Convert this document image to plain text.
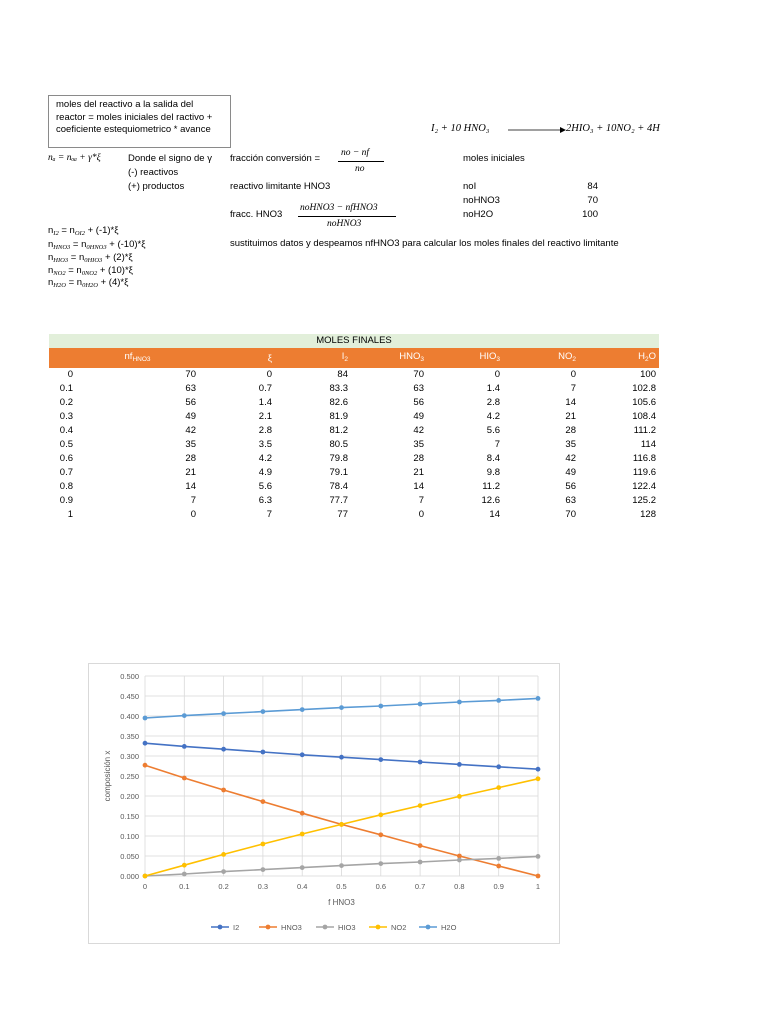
moles del reactivo a la salida del
reactor = moles iniciales del ractivo +
coeficiente estequiometrico * avance	I₂ + 10 HNO₃	2HIO₃ + 10NO₂ + 4H
nₐ = nₒₐ + γ*ξ	Donde el signo de γ
(-) reactivos
(+) productos
fracción conversión = no − nf
no
reactivo limitante HNO3
fracc. HNO3
noHNO3 − nfHNO3
noHNO3
sustituimos datos y despeamos nfHNO3 para calcular los moles finales del reactivo limitante
moles iniciales
noI	84
noHNO3	70
noH2O	100
$n_{I2} = n_{OI2} + (-1)*\xi$
$n_{HNO3} = n_{0HNO3} + (-10)*\xi$
$n_{HIO3} = n_{0HIO3} + (2)*\xi$
$n_{NO2} = n_{0NO2} + (10)*\xi$
$n_{H2O} = n_{0H2O} + (4)*\xi$
MOLES FINALES							
	$nf_{HNO3}$	ξ	$I_2$	$HNO_3$	$HIO_3$	$NO_2$	$H_2O$
0	70	0	84	70	0	0	100
0.1	63	0.7	83.3	63	1.4	7	102.8
0.2	56	1.4	82.6	56	2.8	14	105.6
0.3	49	2.1	81.9	49	4.2	21	108.4
0.4	42	2.8	81.2	42	5.6	28	111.2
0.5	35	3.5	80.5	35	7	35	114
0.6	28	4.2	79.8	28	8.4	42	116.8
0.7	21	4.9	79.1	21	9.8	49	119.6
0.8	14	5.6	78.4	14	11.2	56	122.4
0.9	7	6.3	77.7	7	12.6	63	125.2
1	0	7	77	0	14	70	128
0.000
0.050
0.100
0.150
0.200
0.250
0.300
0.350
0.400
0.450
0.500
0	0.1	0.2	0.3	0.4	0.5	0.6	0.7	0.8	0.9	1
f HNO3
composición x
I2	HNO3	HIO3	NO2	H2O
